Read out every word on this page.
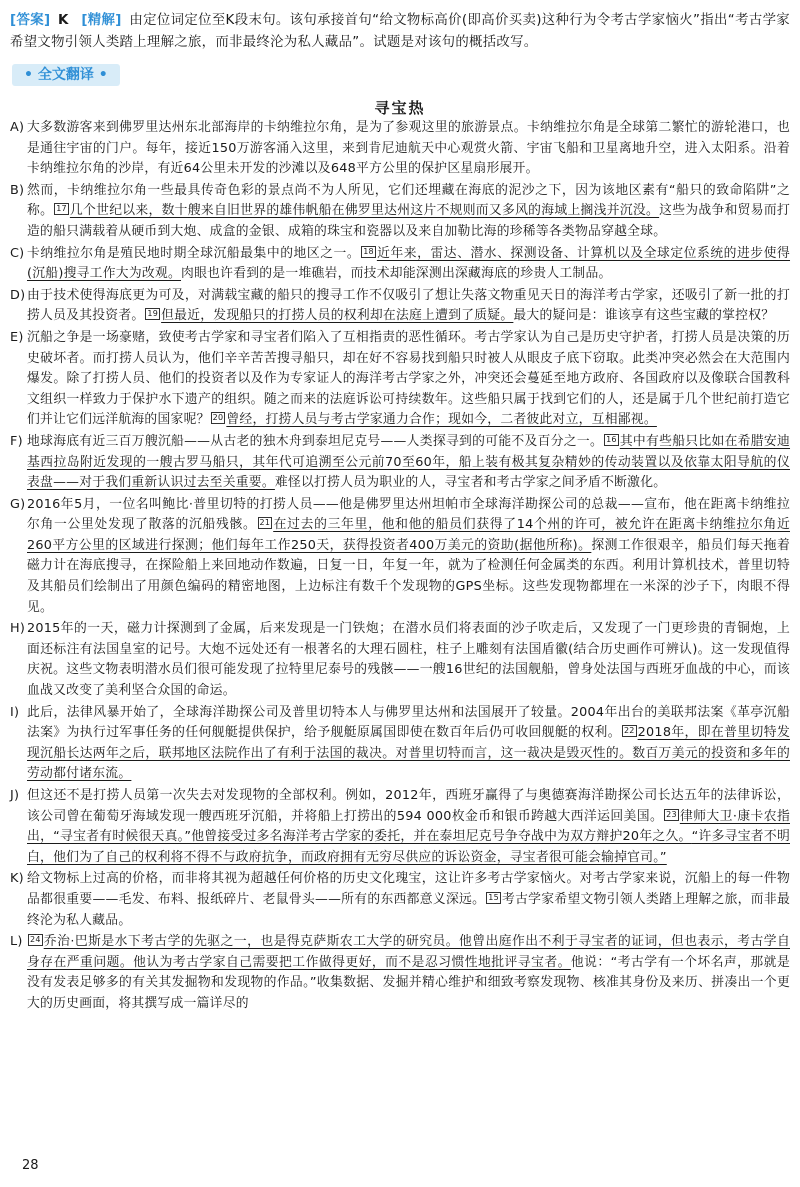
[答案] K [精解] 由定位词定位至K段末句。该句承接首句“给文物标高价(即高价买卖)这种行为令考古学家恼火”指出“考古学家希望文物引领人类踏上理解之旅，而非最终沦为私人藏品”。试题是对该句的概括改写。
• 全文翻译 •
寻宝热
A) 大多数游客来到佛罗里达州东北部海岸的卡纳维拉尔角，是为了参观这里的旅游景点。卡纳维拉尔角是全球第二繁忙的游轮港口，也是通往宇宙的门户。每年，接近150万游客涌入这里，来到肯尼迪航天中心观赏火箭、宇宙飞船和卫星离地升空，进入太阳系。沿着卡纳维拉尔角的沙岸，有近64公里未开发的沙滩以及648平方公里的保护区星扇形展开。
B) 然而，卡纳维拉尔角一些最具传奇色彩的景点尚不为人所见，它们还埋藏在海底的泥沙之下，因为该地区素有“船只的致命陷阱”之称。 17 几个世纪以来，数十艘来自旧世界的雄伟帆船在佛罗里达州这片不规则而又多风的海域上搁浅并沉没。这些为战争和贸易而打造的船只满载着从硬币到大炮、成盒的金银、成箱的珠宝和瓷器以及来自加勒比海的珍稀等各类物品穿越全球。
C) 卡纳维拉尔角是殖民地时期全球沉船最集中的地区之一。 18 近年来，雷达、潜水、探测设备、计算机以及全球定位系统的进步使得(沉船)搜寻工作大为改观。肉眼也许看到的是一堆礁岩，而技术却能深测出深藏海底的珍贵人工制品。
D) 由于技术使得海底更为可及，对满载宝藏的船只的搜寻工作不仅吸引了想让失落文物重见天日的海洋考古学家，还吸引了新一批的打捞人员及其投资者。 19 但最近，发现船只的打捞人员的权利却在法庭上遭到了质疑。最大的疑问是：谁该享有这些宝藏的掌控权？
E) 沉船之争是一场豪赌，致使考古学家和寻宝者们陷入了互相指责的恶性循环。考古学家认为自己是历史守护者，打捞人员是决策的历史破坏者。而打捞人员认为，他们辛辛苦苦搜寻船只，却在好不容易找到船只时被人从眼皮子底下窃取。此类冲突必然会在大范围内爆发。除了打捞人员、他们的投资者以及作为专家证人的海洋考古学家之外，冲突还会蔓延至地方政府、各国政府以及像联合国教科文组织一样致力于保护水下遗产的组织。随之而来的法庭诉讼可持续数年。这些船只属于找到它们的人，还是属于几个世纪前打造它们并让它们远洋航海的国家呢？ 20 曾经，打捞人员与考古学家通力合作；现如今，二者彼此对立，互相鄙视。
F) 地球海底有近三百万艘沉船——从古老的独木舟到泰坦尼克号——人类探寻到的可能不及百分之一。 16 其中有些船只比如在希腊安迪基西拉岛附近发现的一艘古罗马船只，其年代可追溯至公元前70至60年，船上装有极其复杂精妙的传动装置以及依靠太阳导航的仪表盘——对于我们重新认识过去至关重要。难怪以打捞人员为职业的人，寻宝者和考古学家之间矛盾不断激化。
G) 2016年5月，一位名叫鲍比·普里切特的打捞人员——他是佛罗里达州坦帕市全球海洋勘探公司的总裁——宣布，他在距离卡纳维拉尔角一公里处发现了散落的沉船残骸。 21 在过去的三年里，他和他的船员们获得了14个州的许可，被允许在距离卡纳维拉尔角近260平方公里的区域进行探测；他们每年工作250天，获得投资者400万美元的资助(据他所称)。探测工作很艰辛，船员们每天拖着磁力计在海底搜寻，在探险船上来回地动作数遍，日复一日，年复一年，就为了检测任何金属类的东西。利用计算机技术，普里切特及其船员们绘制出了用颜色编码的精密地图，上边标注有数千个发现物的GPS坐标。这些发现物都埋在一米深的沙子下，肉眼不得见。
H) 2015年的一天，磁力计探测到了金属，后来发现是一门铁炮；在潜水员们将表面的沙子吹走后，又发现了一门更珍贵的青铜炮，上面还标注有法国皇室的记号。大炮不远处还有一根著名的大理石圆柱，柱子上雕刻有法国盾徽(结合历史画作可辨认)。这一发现值得庆祝。这些文物表明潜水员们很可能发现了拉特里尼泰号的残骸——一艘16世纪的法国舰船，曾身处法国与西班牙血战的中心，而该血战又改变了美利坚合众国的命运。
I) 此后，法律风暴开始了，全球海洋勘探公司及普里切特本人与佛罗里达州和法国展开了较量。2004年出台的美联邦法案《革亭沉船法案》为执行过军事任务的任何舰艇提供保护，给予舰艇原属国即使在数百年后仍可收回舰艇的权利。 22 2018年，即在普里切特发现沉船长达两年之后，联邦地区法院作出了有利于法国的裁决。对普里切特而言，这一裁决是毁灭性的。数百万美元的投资和多年的劳动都付诸东流。
J) 但这还不是打捞人员第一次失去对发现物的全部权利。例如，2012年，西班牙赢得了与奥德赛海洋勘探公司长达五年的法律诉讼，该公司曾在葡萄牙海域发现一艘西班牙沉船，并将船上打捞出的594 000枚金币和银币跨越大西洋运回美国。 23 律师大卫·康卡农指出，“寻宝者有时候很天真。”他曾接受过多名海洋考古学家的委托，并在泰坦尼克号争夺战中为双方辩护20年之久。“许多寻宝者不明白，他们为了自己的权利将不得不与政府抗争，而政府拥有无穷尽供应的诉讼资金，寻宝者很可能会输掉官司。”
K) 给文物标上过高的价格，而非将其视为超越任何价格的历史文化瑰宝，这让许多考古学家恼火。对考古学家来说，沉船上的每一件物品都很重要——毛发、布料、报纸碎片、老鼠骨头——所有的东西都意义深远。 15 考古学家希望文物引领人类踏上理解之旅，而非最终沦为私人藏品。
L) 24 乔治·巴斯是水下考古学的先驱之一，也是得克萨斯农工大学的研究员。他曾出庭作出不利于寻宝者的证词，但也表示，考古学自身存在严重问题。他认为考古学家自己需要把工作做得更好，而不是忍习惯性地批评寻宝者。他说：“考古学有一个坏名声，那就是没有发表足够多的有关其发掘物和发现物的作品。”收集数据、发掘并精心维护和细致考察发现物、核准其身份及来历、拼凑出一个更大的历史画面，将其撰写成一篇详尽的
28
